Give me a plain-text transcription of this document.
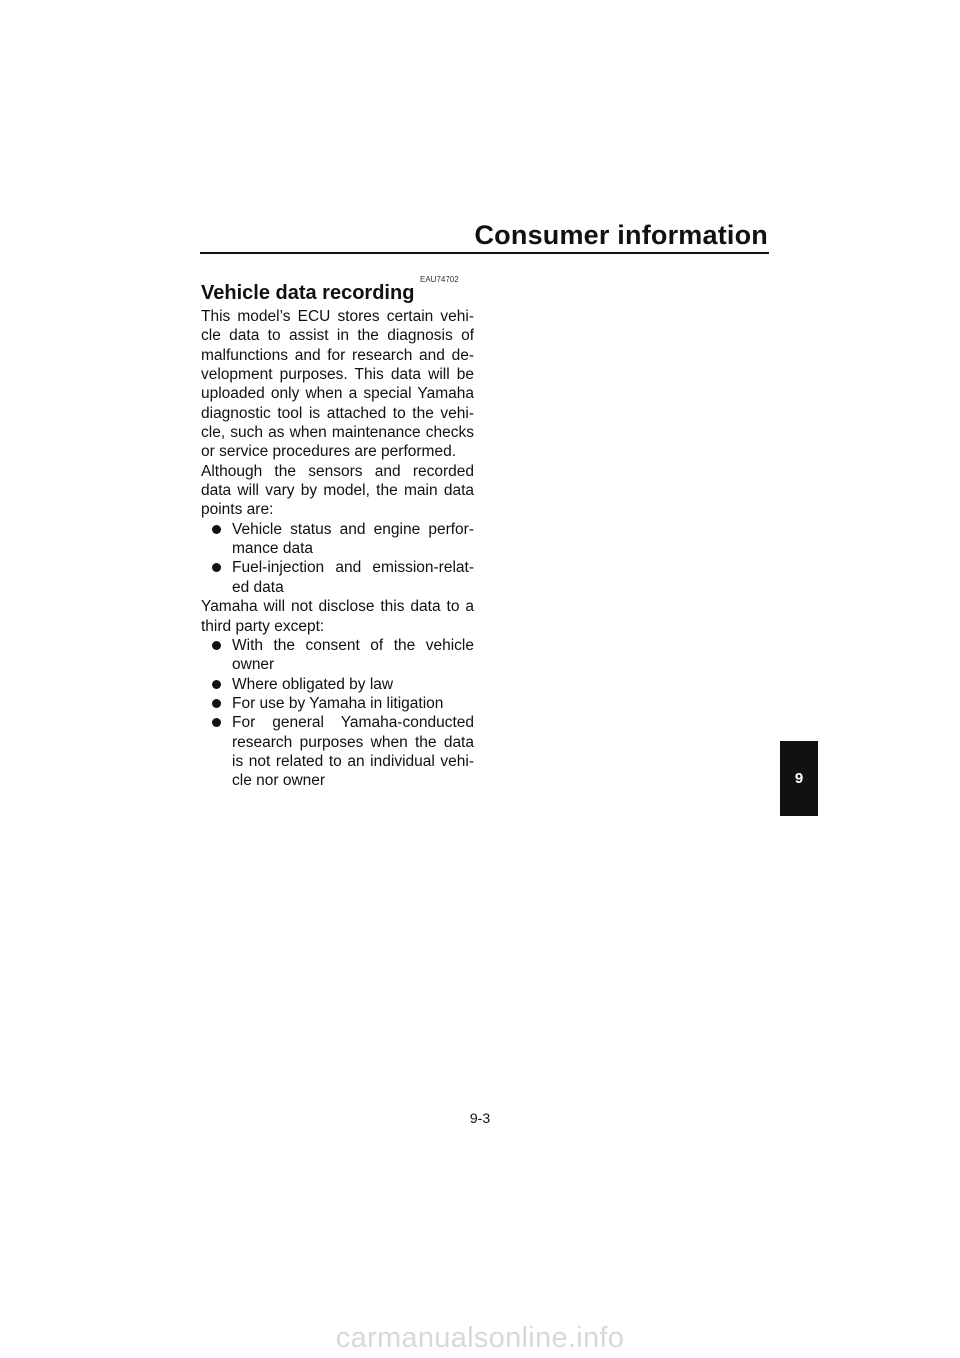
Consumer information
EAU74702
Vehicle data recording

This model’s ECU stores certain vehi-cle data to assist in the diagnosis of malfunctions and for research and de-velopment purposes. This data will be uploaded only when a special Yamaha diagnostic tool is attached to the vehi-cle, such as when maintenance checks or service procedures are performed.

Although the sensors and recorded data will vary by model, the main data points are:

Vehicle status and engine perfor-mance data
Fuel-injection and emission-relat-ed data

Yamaha will not disclose this data to a third party except:

With the consent of the vehicle owner
Where obligated by law
For use by Yamaha in litigation
For general Yamaha-conducted research purposes when the data is not related to an individual vehi-cle nor owner	9
9-3
carmanualsonline.info
